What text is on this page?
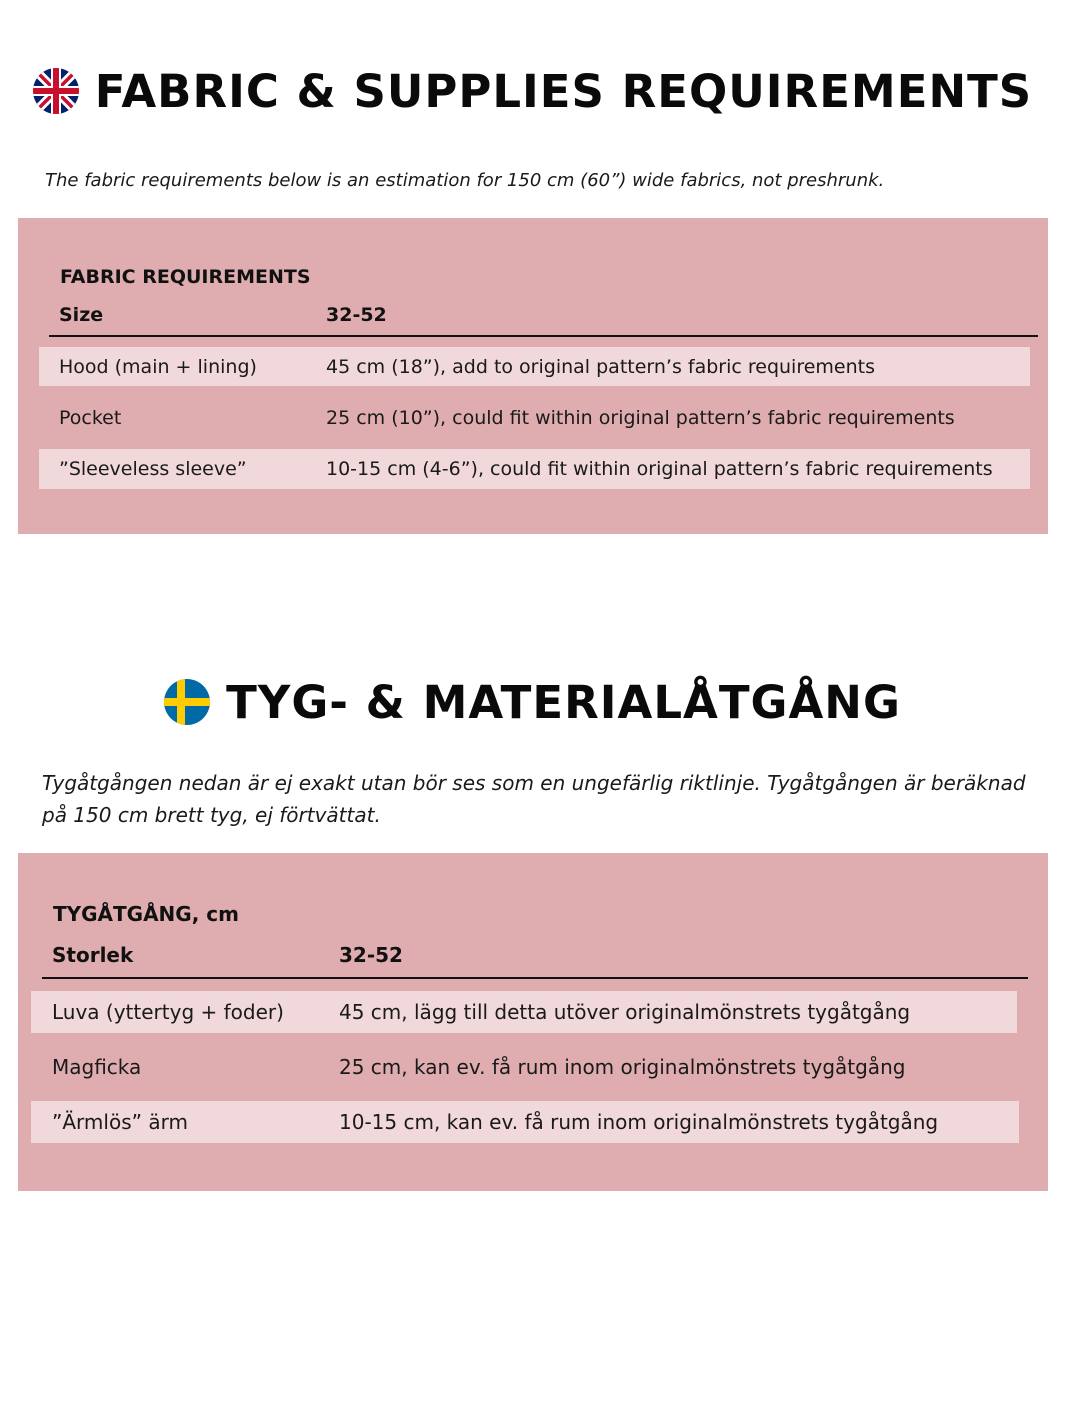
FABRIC & SUPPLIES REQUIREMENTS
The fabric requirements below is an estimation for 150 cm (60”) wide fabrics, not preshrunk.
FABRIC REQUIREMENTS
Size	32-52
Hood (main + lining)	45 cm (18”), add to original pattern’s fabric requirements
Pocket	25 cm (10”), could fit within original pattern’s fabric requirements
”Sleeveless sleeve”	10-15 cm (4-6”), could fit within original pattern’s fabric requirements
TYG- & MATERIALÅTGÅNG
Tygåtgången nedan är ej exakt utan bör ses som en ungefärlig riktlinje. Tygåtgången är beräknad
på 150 cm brett tyg, ej förtvättat.
TYGÅTGÅNG, cm
Storlek	32-52
Luva (yttertyg + foder)	45 cm, lägg till detta utöver originalmönstrets tygåtgång
Magficka	25 cm, kan ev. få rum inom originalmönstrets tygåtgång
”Ärmlös” ärm	10-15 cm, kan ev. få rum inom originalmönstrets tygåtgång
